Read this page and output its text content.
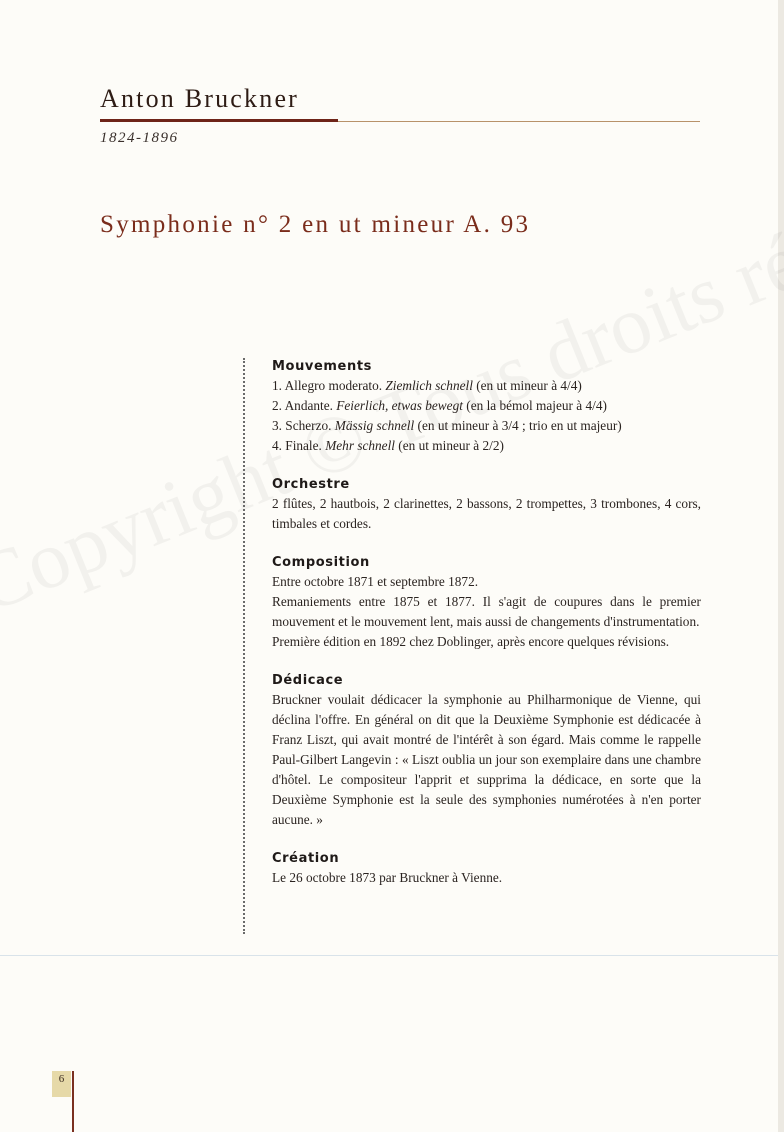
Anton Bruckner
1824-1896
Symphonie n° 2 en ut mineur A. 93
Mouvements

1. Allegro moderato. Ziemlich schnell (en ut mineur à 4/4)
2. Andante. Feierlich, etwas bewegt (en la bémol majeur à 4/4)
3. Scherzo. Mässig schnell (en ut mineur à 3/4 ; trio en ut majeur)
4. Finale. Mehr schnell (en ut mineur à 2/2)

Orchestre

2 flûtes, 2 hautbois, 2 clarinettes, 2 bassons, 2 trompettes, 3 trombones, 4 cors, timbales et cordes.

Composition

Entre octobre 1871 et septembre 1872.

Remaniements entre 1875 et 1877. Il s'agit de coupures dans le premier mouvement et le mouvement lent, mais aussi de changements d'instrumentation.

Première édition en 1892 chez Doblinger, après encore quelques révisions.

Dédicace

Bruckner voulait dédicacer la symphonie au Philharmonique de Vienne, qui déclina l'offre. En général on dit que la Deuxième Symphonie est dédicacée à Franz Liszt, qui avait montré de l'intérêt à son égard. Mais comme le rappelle Paul-Gilbert Langevin : « Liszt oublia un jour son exemplaire dans une chambre d'hôtel. Le compositeur l'apprit et supprima la dédicace, en sorte que la Deuxième Symphonie est la seule des symphonies numérotées à n'en porter aucune. »

Création

Le 26 octobre 1873 par Bruckner à Vienne.

6
